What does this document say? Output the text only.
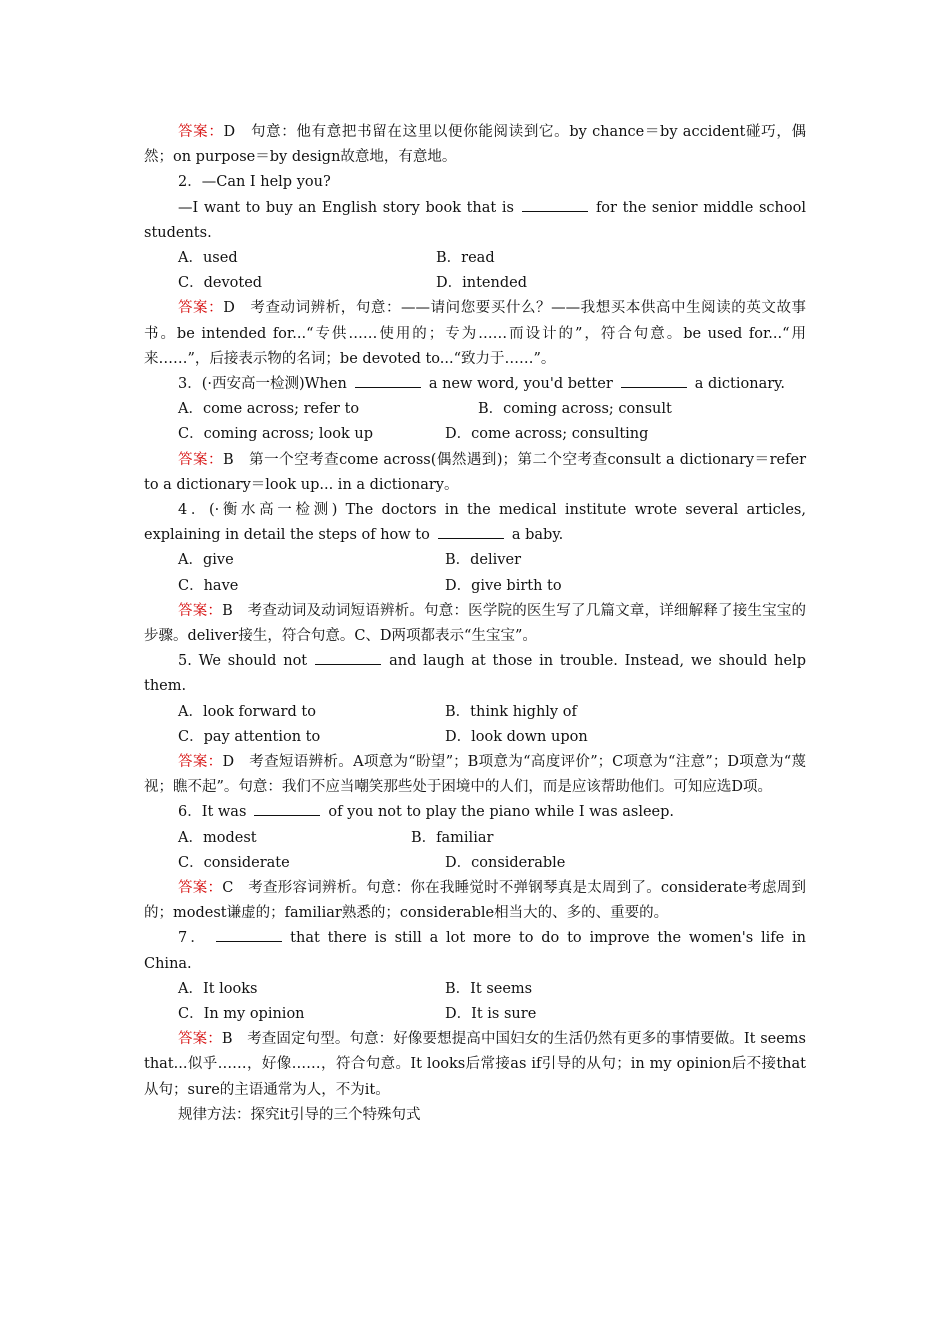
答案：D　句意：他有意把书留在这里以便你能阅读到它。by chance＝by accident碰巧，偶然；on purpose＝by design故意地，有意地。

2．—Can I help you?

—I want to buy an English story book that is	for the senior middle school students.

A．used	B．read
C．devoted	D．intended

答案：D　考查动词辨析，句意：——请问您要买什么？——我想买本供高中生阅读的英文故事书。be intended for...“专供……使用的；专为……而设计的”，符合句意。be used for...“用来……”，后接表示物的名词；be devoted to...“致力于……”。

3．(·西安高一检测)When	a new word, you'd better	a dictionary.

A．come across; refer to	B．coming across; consult
C．coming across; look up	D．come across; consulting

答案：B　第一个空考查come across(偶然遇到)；第二个空考查consult a dictionary＝refer to a dictionary＝look up... in a dictionary。

4．(·衡水高一检测) The doctors in the medical institute wrote several articles, explaining in detail the steps of how to	a baby.

A．give	B．deliver
C．have	D．give birth to

答案：B　考查动词及动词短语辨析。句意：医学院的医生写了几篇文章，详细解释了接生宝宝的步骤。deliver接生，符合句意。C、D两项都表示“生宝宝”。

5. We should not	and laugh at those in trouble. Instead, we should help them.

A．look forward to	B．think highly of
C．pay attention to	D．look down upon

答案：D　考查短语辨析。A项意为“盼望”；B项意为“高度评价”；C项意为“注意”；D项意为“蔑视；瞧不起”。句意：我们不应当嘲笑那些处于困境中的人们，而是应该帮助他们。可知应选D项。

6．It was	of you not to play the piano while I was asleep.

A．modest	B．familiar
C．considerate	D．considerable

答案：C　考查形容词辨析。句意：你在我睡觉时不弹钢琴真是太周到了。considerate考虑周到的；modest谦虚的；familiar熟悉的；considerable相当大的、多的、重要的。

7．	that there is still a lot more to do to improve the women's life in China.

A．It looks	B．It seems
C．In my opinion	D．It is sure

答案：B　考查固定句型。句意：好像要想提高中国妇女的生活仍然有更多的事情要做。It seems that...似乎……，好像……，符合句意。It looks后常接as if引导的从句；in my opinion后不接that从句；sure的主语通常为人，不为it。

规律方法：探究it引导的三个特殊句式
